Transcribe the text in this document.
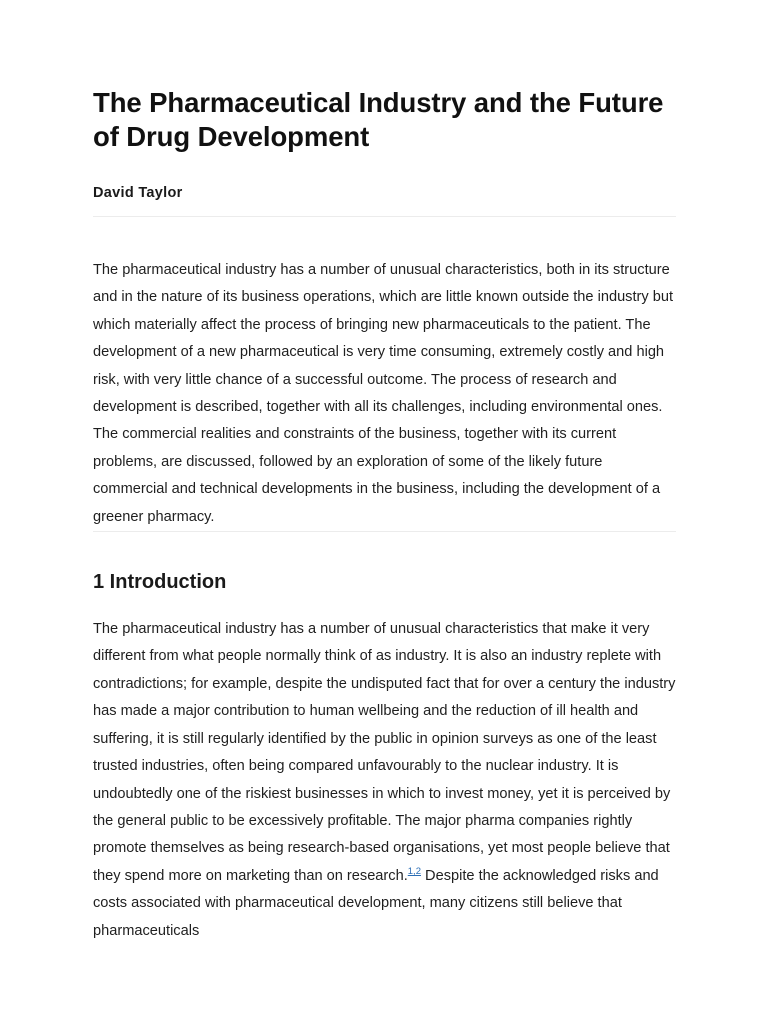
The Pharmaceutical Industry and the Future of Drug Development

David Taylor

The pharmaceutical industry has a number of unusual characteristics, both in its structure and in the nature of its business operations, which are little known outside the industry but which materially affect the process of bringing new pharmaceuticals to the patient. The development of a new pharmaceutical is very time consuming, extremely costly and high risk, with very little chance of a successful outcome. The process of research and development is described, together with all its challenges, including environmental ones. The commercial realities and constraints of the business, together with its current problems, are discussed, followed by an exploration of some of the likely future commercial and technical developments in the business, including the development of a greener pharmacy.

1 Introduction

The pharmaceutical industry has a number of unusual characteristics that make it very different from what people normally think of as industry. It is also an industry replete with contradictions; for example, despite the undisputed fact that for over a century the industry has made a major contribution to human wellbeing and the reduction of ill health and suffering, it is still regularly identified by the public in opinion surveys as one of the least trusted industries, often being compared unfavourably to the nuclear industry. It is undoubtedly one of the riskiest businesses in which to invest money, yet it is perceived by the general public to be excessively profitable. The major pharma companies rightly promote themselves as being research-based organisations, yet most people believe that they spend more on marketing than on research.$^{1,2}$ Despite the acknowledged risks and costs associated with pharmaceutical development, many citizens still believe that pharmaceuticals
